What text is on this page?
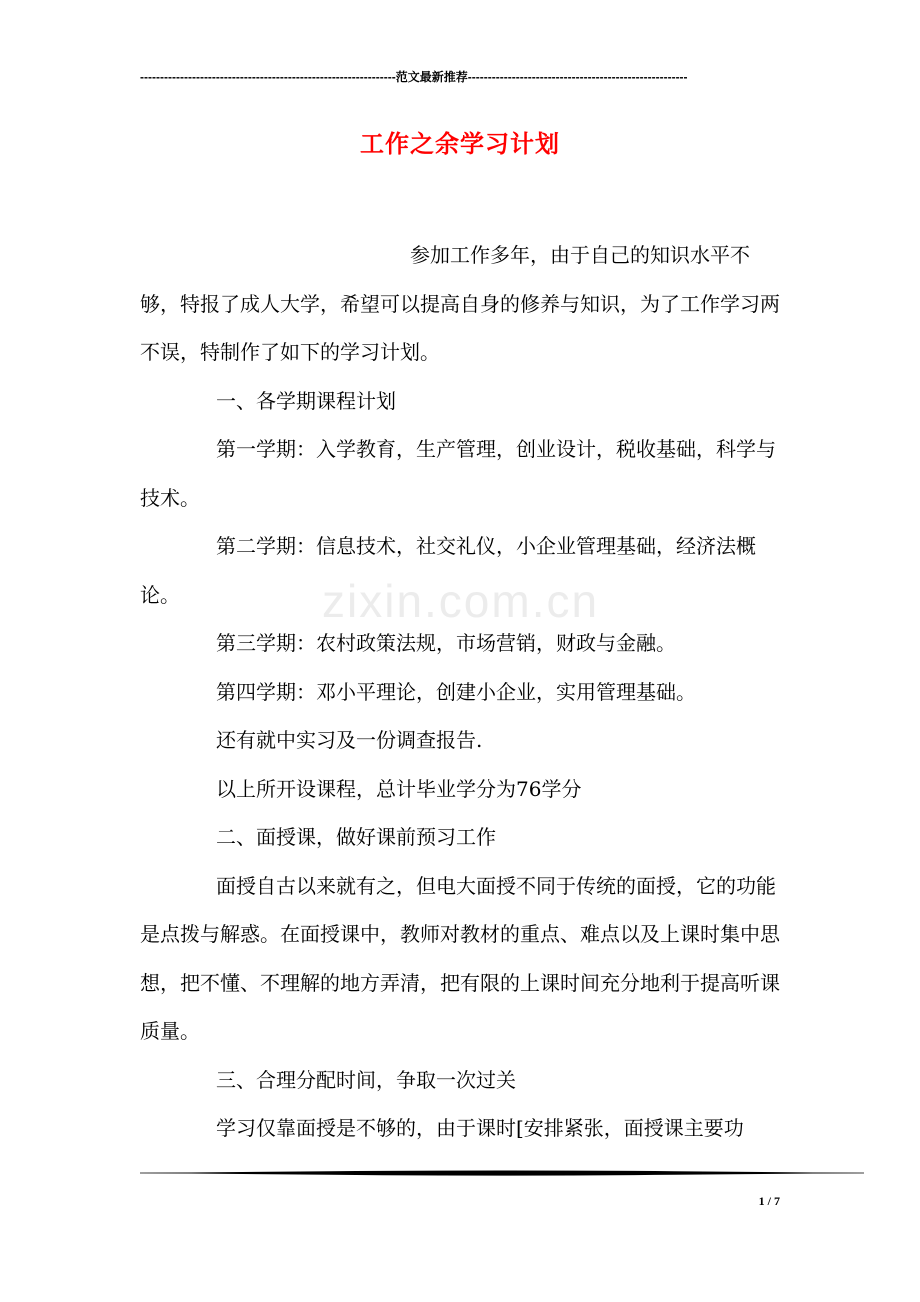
----------------------------------------------------------------范文最新推荐-------------------------------------------------------
工作之余学习计划
zixin.com.cn

参加工作多年，由于自己的知识水平不够，特报了成人大学，希望可以提高自身的修养与知识，为了工作学习两不误，特制作了如下的学习计划。

一、各学期课程计划

第一学期：入学教育，生产管理，创业设计，税收基础，科学与技术。

第二学期：信息技术，社交礼仪，小企业管理基础，经济法概论。

第三学期：农村政策法规，市场营销，财政与金融。

第四学期：邓小平理论，创建小企业，实用管理基础。

还有就中实习及一份调查报告.

以上所开设课程，总计毕业学分为76学分

二、面授课，做好课前预习工作

面授自古以来就有之，但电大面授不同于传统的面授，它的功能是点拨与解惑。在面授课中，教师对教材的重点、难点以及上课时集中思想，把不懂、不理解的地方弄清，把有限的上课时间充分地利于提高听课质量。

三、合理分配时间，争取一次过关

学习仅靠面授是不够的，由于课时[安排紧张，面授课主要功

1 / 7
